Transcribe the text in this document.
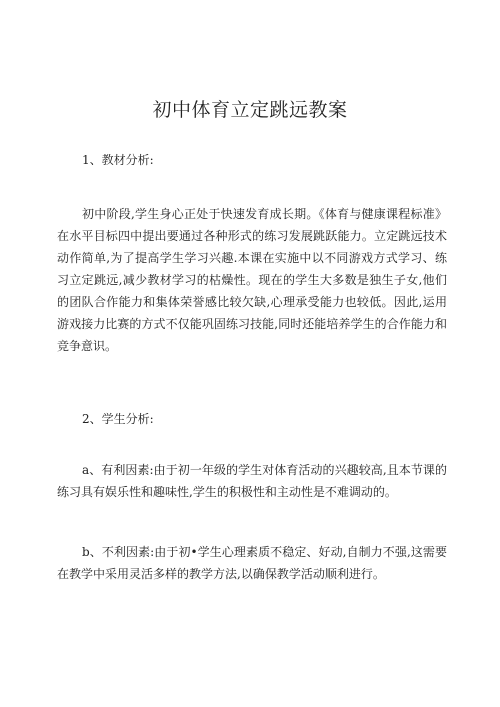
初中体育立定跳远教案
1、教材分析:

初中阶段,学生身心正处于快速发育成长期。《体育与健康课程标准》在水平目标四中提出要通过各种形式的练习发展跳跃能力。立定跳远技术动作简单,为了提高学生学习兴趣.本课在实施中以不同游戏方式学习、练习立定跳远,减少教材学习的枯燥性。现在的学生大多数是独生子女,他们的团队合作能力和集体荣誉感比较欠缺,心理承受能力也较低。因此,运用游戏接力比赛的方式不仅能巩固练习技能,同时还能培养学生的合作能力和竞争意识。

2、学生分析:

a、有利因素:由于初一年级的学生对体育活动的兴趣较高,且本节课的练习具有娱乐性和趣味性,学生的积极性和主动性是不难调动的。

b、不利因素:由于初•学生心理素质不稳定、好动,自制力不强,这需要在教学中采用灵活多样的教学方法,以确保教学活动顺利进行。
